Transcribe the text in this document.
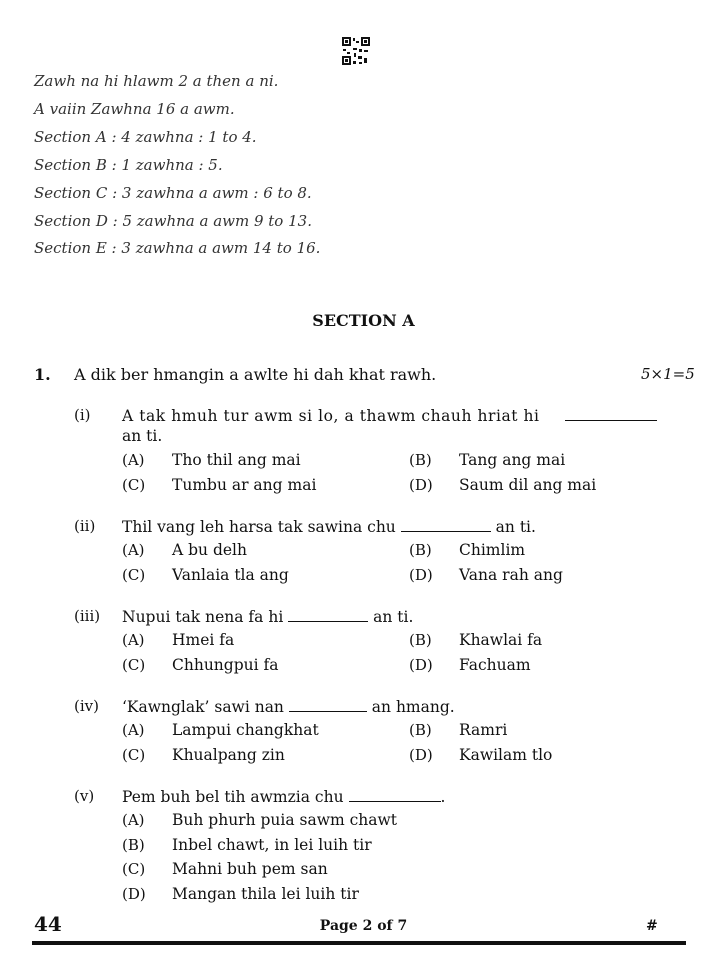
Zawh na hi hlawm 2 a then a ni.
A vaiin Zawhna 16 a awm.
Section A : 4 zawhna : 1 to 4.
Section B : 1 zawhna : 5.
Section C : 3 zawhna a awm : 6 to 8.
Section D : 5 zawhna a awm 9 to 13.
Section E : 3 zawhna a awm 14 to 16.
SECTION A
1. A dik ber hmangin a awlte hi dah khat rawh.	5×1=5
(i) A tak hmuh tur awm si lo, a thawm chauh hriat hi
an ti.
(A) Tho thil ang mai	(B) Tang ang mai
(C) Tumbu ar ang mai	(D) Saum dil ang mai
(ii) Thil vang leh harsa tak sawina chu	an ti.
(A) A bu delh	(B) Chimlim
(C) Vanlaia tla ang	(D) Vana rah ang
(iii) Nupui tak nena fa hi	an ti.
(A) Hmei fa	(B) Khawlai fa
(C) Chhungpui fa	(D) Fachuam
(iv) ‘Kawnglak’ sawi nan	an hmang.
(A) Lampui changkhat	(B) Ramri
(C) Khualpang zin	(D) Kawilam tlo
(v) Pem buh bel tih awmzia chu	.
(A) Buh phurh puia sawm chawt
(B) Inbel chawt, in lei luih tir
(C) Mahni buh pem san
(D) Mangan thila lei luih tir
44	Page 2 of 7	#
